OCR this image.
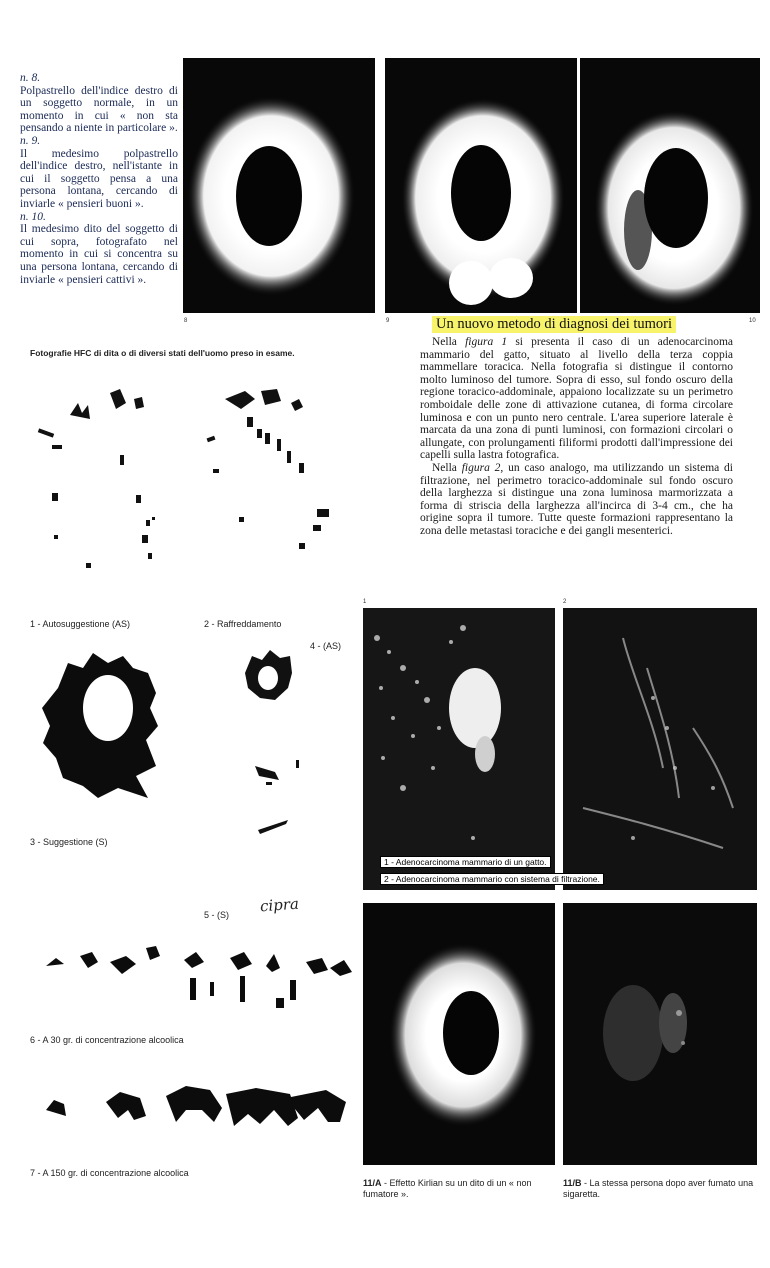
n. 8.

Polpastrello dell'indice destro di un soggetto normale, in un momento in cui « non sta pensando a niente in particolare ».

n. 9.

Il medesimo polpastrello dell'indice destro, nell'istante in cui il soggetto pensa a una persona lontana, cercando di inviarle « pensieri buoni ».

n. 10.

Il medesimo dito del soggetto di cui sopra, fotografato nel momento in cui si concentra su una persona lontana, cercando di inviarle « pensieri cattivi ».

8	9	10
Fotografie HFC di dita o di diversi stati dell'uomo preso in esame.
Un nuovo metodo di diagnosi dei tumori

Nella figura 1 si presenta il caso di un adenocarcinoma mammario del gatto, situato al livello della terza coppia mammellare toracica. Nella fotografia si distingue il contorno molto luminoso del tumore. Sopra di esso, sul fondo oscuro della regione toracico-addominale, appaiono localizzate su un perimetro romboidale delle zone di attivazione cutanea, di forma circolare luminosa e con un punto nero centrale. L'area superiore laterale è marcata da una zona di punti luminosi, con formazioni circolari o allungate, con prolungamenti filiformi prodotti dall'impressione dei capelli sulla lastra fotografica.

Nella figura 2, un caso analogo, ma utilizzando un sistema di filtrazione, nel perimetro toracico-addominale sul fondo oscuro della larghezza si distingue una zona luminosa marmorizzata a forma di striscia della larghezza all'incirca di 3-4 cm., che ha origine sopra il tumore. Tutte queste formazioni rappresentano la zona delle metastasi toraciche e dei gangli mesenterici.

1 - Autosuggestione (AS)	2 - Raffreddamento
4 - (AS)
3 - Suggestione (S)
5 - (S) cipra
6 - A 30 gr. di concentrazione alcoolica
7 - A 150 gr. di concentrazione alcoolica
1	2
1 - Adenocarcinoma mammario di un gatto.
2 - Adenocarcinoma mammario con sistema di filtrazione.
11/A - Effetto Kirlian su un dito di un « non fumatore ».
11/B - La stessa persona dopo aver fumato una sigaretta.
